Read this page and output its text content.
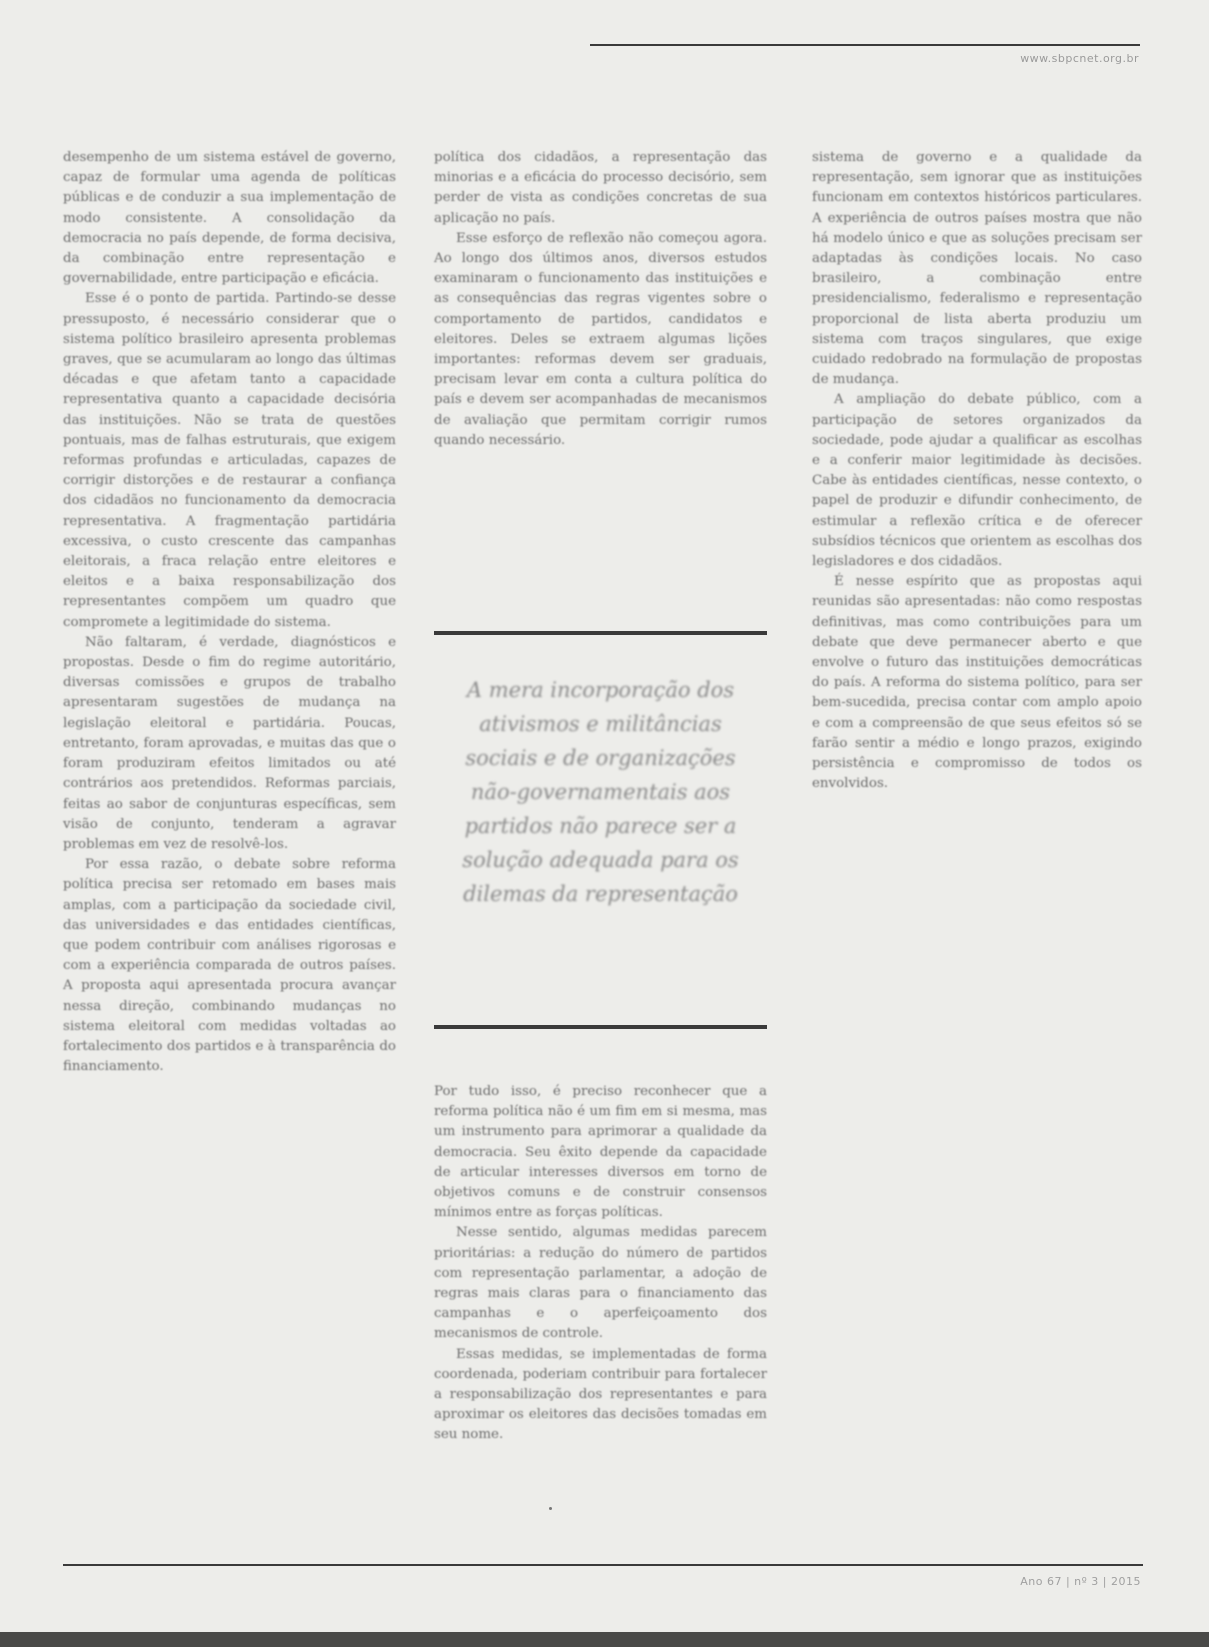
www.sbpcnet.org.br

desempenho de um sistema estável de governo, capaz de formular uma agenda de políticas públicas e de conduzir a sua implementação de modo consistente. A consolidação da democracia no país depende, de forma decisiva, da combinação entre representação e governabilidade, entre participação e eficácia.

Esse é o ponto de partida. Partindo-se desse pressuposto, é necessário considerar que o sistema político brasileiro apresenta problemas graves, que se acumularam ao longo das últimas décadas e que afetam tanto a capacidade representativa quanto a capacidade decisória das instituições. Não se trata de questões pontuais, mas de falhas estruturais, que exigem reformas profundas e articuladas, capazes de corrigir distorções e de restaurar a confiança dos cidadãos no funcionamento da democracia representativa. A fragmentação partidária excessiva, o custo crescente das campanhas eleitorais, a fraca relação entre eleitores e eleitos e a baixa responsabilização dos representantes compõem um quadro que compromete a legitimidade do sistema.

Não faltaram, é verdade, diagnósticos e propostas. Desde o fim do regime autoritário, diversas comissões e grupos de trabalho apresentaram sugestões de mudança na legislação eleitoral e partidária. Poucas, entretanto, foram aprovadas, e muitas das que o foram produziram efeitos limitados ou até contrários aos pretendidos. Reformas parciais, feitas ao sabor de conjunturas específicas, sem visão de conjunto, tenderam a agravar problemas em vez de resolvê-los.

Por essa razão, o debate sobre reforma política precisa ser retomado em bases mais amplas, com a participação da sociedade civil, das universidades e das entidades científicas, que podem contribuir com análises rigorosas e com a experiência comparada de outros países. A proposta aqui apresentada procura avançar nessa direção, combinando mudanças no sistema eleitoral com medidas voltadas ao fortalecimento dos partidos e à transparência do financiamento.

política dos cidadãos, a representação das minorias e a eficácia do processo decisório, sem perder de vista as condições concretas de sua aplicação no país.

Esse esforço de reflexão não começou agora. Ao longo dos últimos anos, diversos estudos examinaram o funcionamento das instituições e as consequências das regras vigentes sobre o comportamento de partidos, candidatos e eleitores. Deles se extraem algumas lições importantes: reformas devem ser graduais, precisam levar em conta a cultura política do país e devem ser acompanhadas de mecanismos de avaliação que permitam corrigir rumos quando necessário.

A mera incorporação dos ativismos e militâncias sociais e de organizações não-governamentais aos partidos não parece ser a solução adequada para os dilemas da representação

Por tudo isso, é preciso reconhecer que a reforma política não é um fim em si mesma, mas um instrumento para aprimorar a qualidade da democracia. Seu êxito depende da capacidade de articular interesses diversos em torno de objetivos comuns e de construir consensos mínimos entre as forças políticas.

Nesse sentido, algumas medidas parecem prioritárias: a redução do número de partidos com representação parlamentar, a adoção de regras mais claras para o financiamento das campanhas e o aperfeiçoamento dos mecanismos de controle.

Essas medidas, se implementadas de forma coordenada, poderiam contribuir para fortalecer a responsabilização dos representantes e para aproximar os eleitores das decisões tomadas em seu nome.

sistema de governo e a qualidade da representação, sem ignorar que as instituições funcionam em contextos históricos particulares. A experiência de outros países mostra que não há modelo único e que as soluções precisam ser adaptadas às condições locais. No caso brasileiro, a combinação entre presidencialismo, federalismo e representação proporcional de lista aberta produziu um sistema com traços singulares, que exige cuidado redobrado na formulação de propostas de mudança.

A ampliação do debate público, com a participação de setores organizados da sociedade, pode ajudar a qualificar as escolhas e a conferir maior legitimidade às decisões. Cabe às entidades científicas, nesse contexto, o papel de produzir e difundir conhecimento, de estimular a reflexão crítica e de oferecer subsídios técnicos que orientem as escolhas dos legisladores e dos cidadãos.

É nesse espírito que as propostas aqui reunidas são apresentadas: não como respostas definitivas, mas como contribuições para um debate que deve permanecer aberto e que envolve o futuro das instituições democráticas do país. A reforma do sistema político, para ser bem-sucedida, precisa contar com amplo apoio e com a compreensão de que seus efeitos só se farão sentir a médio e longo prazos, exigindo persistência e compromisso de todos os envolvidos.

Ano 67 | nº 3 | 2015
